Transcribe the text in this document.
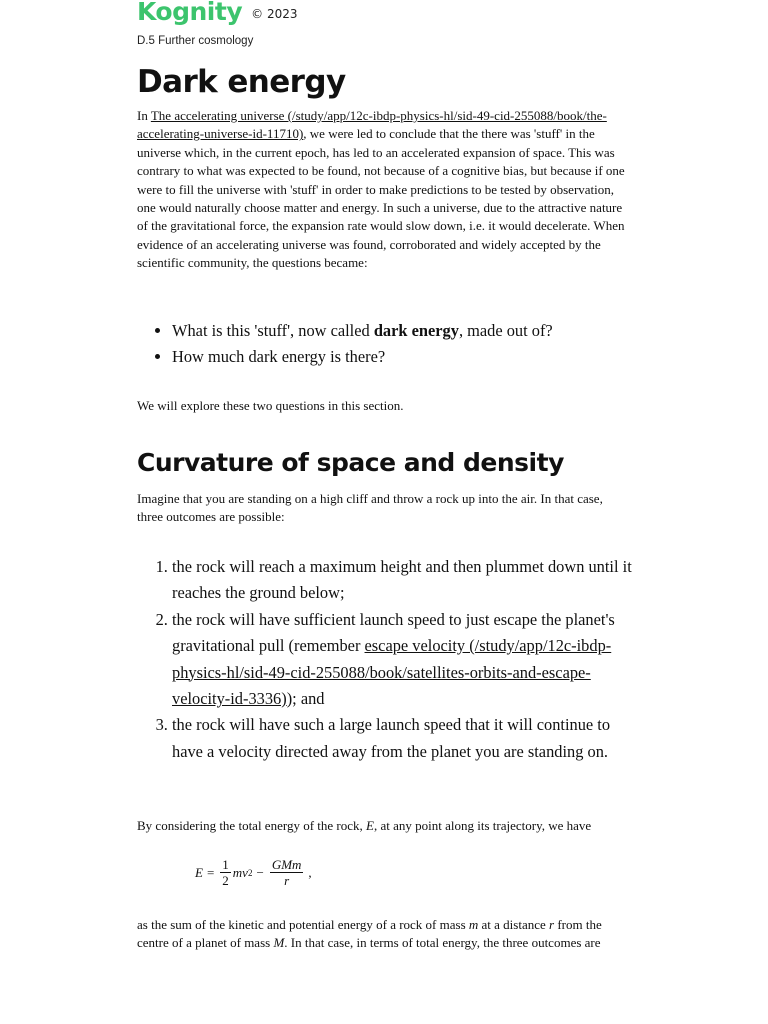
Kognity © 2023
D.5 Further cosmology
Dark energy

In The accelerating universe (/study/app/12c-ibdp-physics-hl/sid-49-cid-255088/book/the-accelerating-universe-id-11710), we were led to conclude that the there was 'stuff' in the universe which, in the current epoch, has led to an accelerated expansion of space. This was contrary to what was expected to be found, not because of a cognitive bias, but because if one were to fill the universe with 'stuff' in order to make predictions to be tested by observation, one would naturally choose matter and energy. In such a universe, due to the attractive nature of the gravitational force, the expansion rate would slow down, i.e. it would decelerate. When evidence of an accelerating universe was found, corroborated and widely accepted by the scientific community, the questions became:

• What is this 'stuff', now called dark energy, made out of?
• How much dark energy is there?

We will explore these two questions in this section.

Curvature of space and density

Imagine that you are standing on a high cliff and throw a rock up into the air. In that case, three outcomes are possible:

1. the rock will reach a maximum height and then plummet down until it reaches the ground below;
2. the rock will have sufficient launch speed to just escape the planet's gravitational pull (remember escape velocity (/study/app/12c-ibdp-physics-hl/sid-49-cid-255088/book/satellites-orbits-and-escape-velocity-id-3336)); and
3. the rock will have such a large launch speed that it will continue to have a velocity directed away from the planet you are standing on.

By considering the total energy of the rock, E, at any point along its trajectory, we have

$E = \frac{1}{2}$ mv $2 - \frac{\text{GMm}}{r}$ ,

as the sum of the kinetic and potential energy of a rock of mass m at a distance r from the centre of a planet of mass M. In that case, in terms of total energy, the three outcomes are
